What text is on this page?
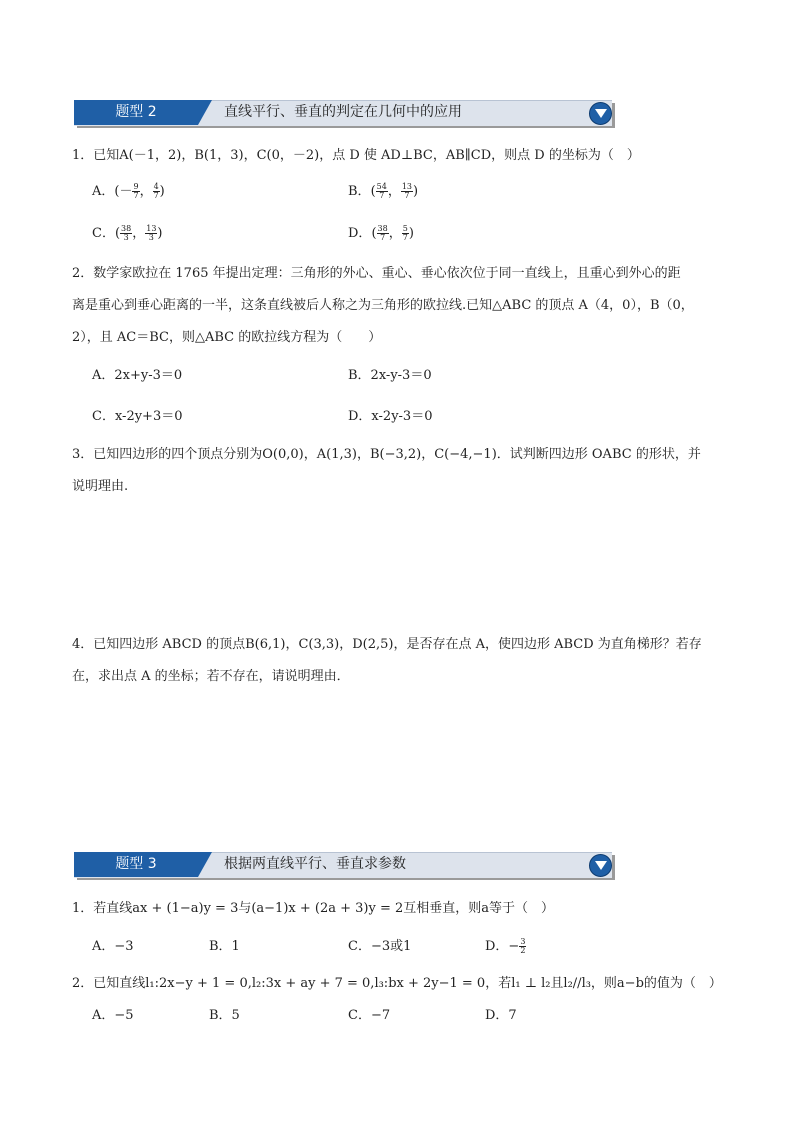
题型 2	直线平行、垂直的判定在几何中的应用
1．已知A(－1，2)，B(1，3)，C(0，－2)，点 D 使 AD⊥BC，AB∥CD，则点 D 的坐标为（　）
A．(－ $\frac{9}{7}$ ， $\frac{4}{7}$ )	B．( $\frac{54}{7}$ ， $\frac{13}{7}$ )
C．( $\frac{38}{3}$ ， $\frac{13}{3}$ )	D．( $\frac{38}{7}$ ， $\frac{5}{7}$ )
2．数学家欧拉在 1765 年提出定理：三角形的外心、重心、垂心依次位于同一直线上，且重心到外心的距
离是重心到垂心距离的一半，这条直线被后人称之为三角形的欧拉线.已知△ABC 的顶点 A（4，0），B（0，
2），且 AC＝BC，则△ABC 的欧拉线方程为（　　）
A．2x+y-3＝0	B．2x-y-3＝0
C．x-2y+3＝0	D．x-2y-3＝0
3．已知四边形的四个顶点分别为O(0,0)，A(1,3)，B(−3,2)，C(−4,−1)．试判断四边形 OABC 的形状，并
说明理由.
4．已知四边形 ABCD 的顶点B(6,1)，C(3,3)，D(2,5)，是否存在点 A，使四边形 ABCD 为直角梯形？若存
在，求出点 A 的坐标；若不存在，请说明理由．
题型 3	根据两直线平行、垂直求参数
1．若直线ax + (1−a)y = 3与(a−1)x + (2a + 3)y = 2互相垂直，则a等于（　）
A．−3	B．1	C．−3或1	D．− $\frac{3}{2}$
2．已知直线l₁:2x−y + 1 = 0,l₂:3x + ay + 7 = 0,l₃:bx + 2y−1 = 0，若l₁ ⊥ l₂且l₂//l₃，则a−b的值为（　）
A．−5	B．5	C．−7	D．7
